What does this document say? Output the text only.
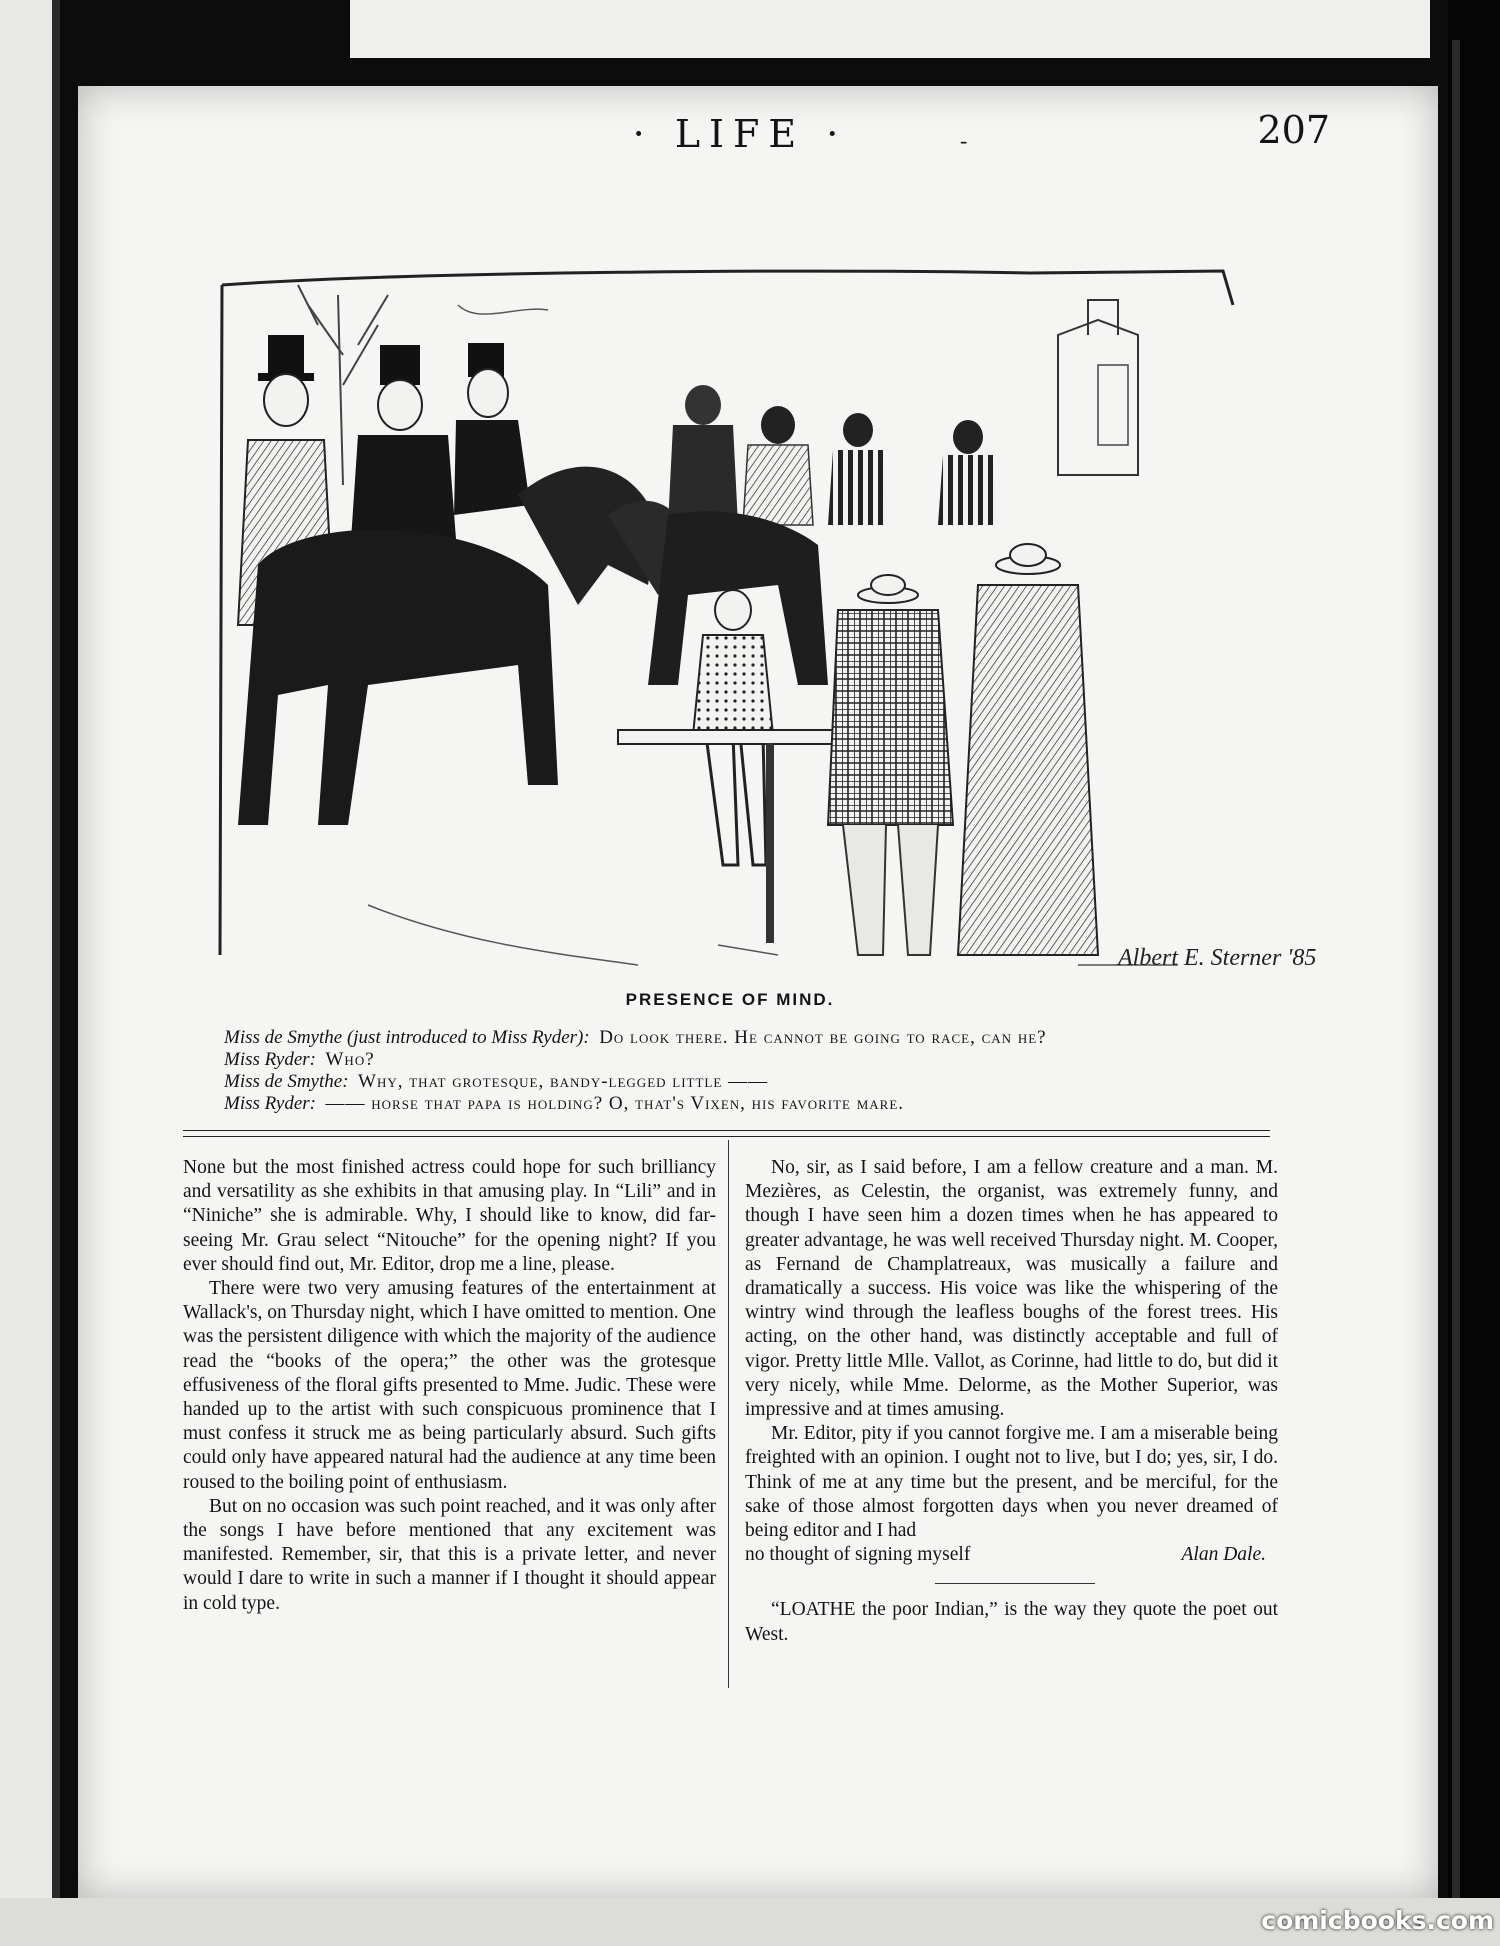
· LIFE ·	-	207
Albert E. Sterner '85
PRESENCE OF MIND.
Miss de Smythe (just introduced to Miss Ryder): Do look there. He cannot be going to race, can he?
Miss Ryder: Who?
Miss de Smythe: Why, that grotesque, bandy-legged little ——
Miss Ryder: —— horse that papa is holding? O, that's Vixen, his favorite mare.

None but the most finished actress could hope for such brilliancy and versatility as she exhibits in that amusing play. In “Lili” and in “Niniche” she is admirable. Why, I should like to know, did far-seeing Mr. Grau select “Nitouche” for the opening night? If you ever should find out, Mr. Editor, drop me a line, please.

There were two very amusing features of the entertainment at Wallack's, on Thursday night, which I have omitted to mention. One was the persistent diligence with which the majority of the audience read the “books of the opera;” the other was the grotesque effusiveness of the floral gifts presented to Mme. Judic. These were handed up to the artist with such conspicuous prominence that I must confess it struck me as being particularly absurd. Such gifts could only have appeared natural had the audience at any time been roused to the boiling point of enthusiasm.

But on no occasion was such point reached, and it was only after the songs I have before mentioned that any excitement was manifested. Remember, sir, that this is a private letter, and never would I dare to write in such a manner if I thought it should appear in cold type.

No, sir, as I said before, I am a fellow creature and a man. M. Mezières, as Celestin, the organist, was extremely funny, and though I have seen him a dozen times when he has appeared to greater advantage, he was well received Thursday night. M. Cooper, as Fernand de Champlatreaux, was musically a failure and dramatically a success. His voice was like the whispering of the wintry wind through the leafless boughs of the forest trees. His acting, on the other hand, was distinctly acceptable and full of vigor. Pretty little Mlle. Vallot, as Corinne, had little to do, but did it very nicely, while Mme. Delorme, as the Mother Superior, was impressive and at times amusing.

Mr. Editor, pity if you cannot forgive me. I am a miserable being freighted with an opinion. I ought not to live, but I do; yes, sir, I do. Think of me at any time but the present, and be merciful, for the sake of those almost forgotten days when you never dreamed of being editor and I had

no thought of signing myself	Alan Dale.

“LOATHE the poor Indian,” is the way they quote the poet out West.

comicbooks.com
